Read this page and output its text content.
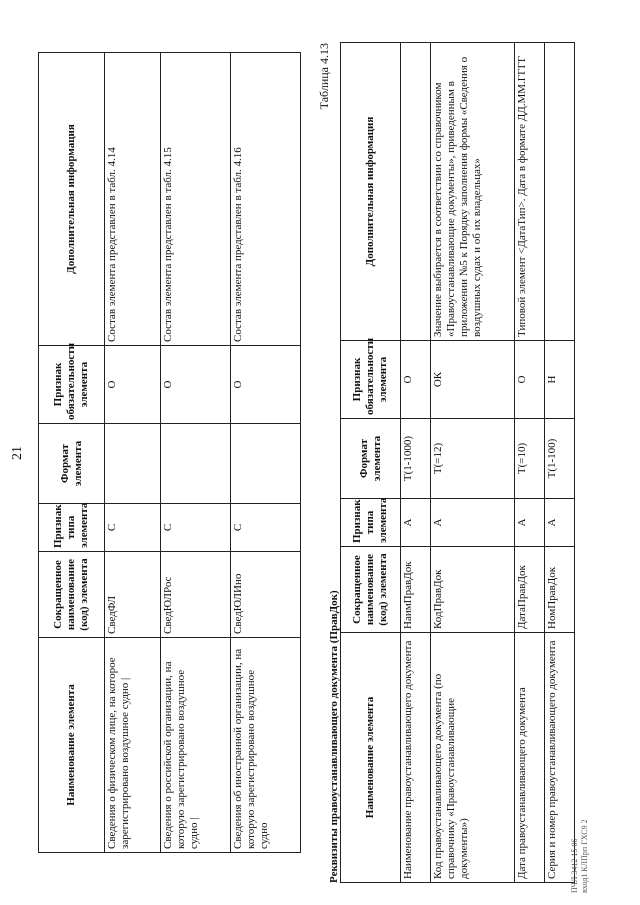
21
Наименование элемента	Сокращенное наименование (код) элемента	Признак типа элемента	Формат элемента	Признак обязательности элемента	Дополнительная информация
Сведения о физическом лице, на которое зарегистрировано воздушное судно |	СведФЛ	С		О	Состав элемента представлен в табл. 4.14
Сведения о российской организации, на которую зарегистрировано воздушное судно |	СведЮЛРос	С		О	Состав элемента представлен в табл. 4.15
Сведения об иностранной организации, на которую зарегистрировано воздушное судно	СведЮЛИно	С		О	Состав элемента представлен в табл. 4.16
Таблица 4.13
Реквизиты правоустанавливающего документа (ПравДок) Наименование элемента	Сокращенное наименование (код) элемента	Признак типа элемента	Формат элемента	Признак обязательности элемента	Дополнительная информация
Наименование правоустанавливающего документа	НаимПравДок	А	Т(1-1000)	О	
Код правоустанавливающего документа (по справочнику «Правоустанавливающие документы»)	КодПравДок	А	Т(=12)	ОК	Значение выбирается в соответствии со справочником «Правоустанавливающие документы», приведенным в приложении №5 к Порядку заполнения формы «Сведения о воздушных судах и об их владельцах»
Дата правоустанавливающего документа	ДатаПравДок	А	Т(=10)	О	Типовой элемент <ДатаТип>. Дата в формате ДД.ММ.ГГГГ
Серия и номер правоустанавливающего документа	НомПравДок	А	Т(1-100)	Н	
ПЧЛ 3412 15 06 вход1 КЛПрп ГХС9 2
